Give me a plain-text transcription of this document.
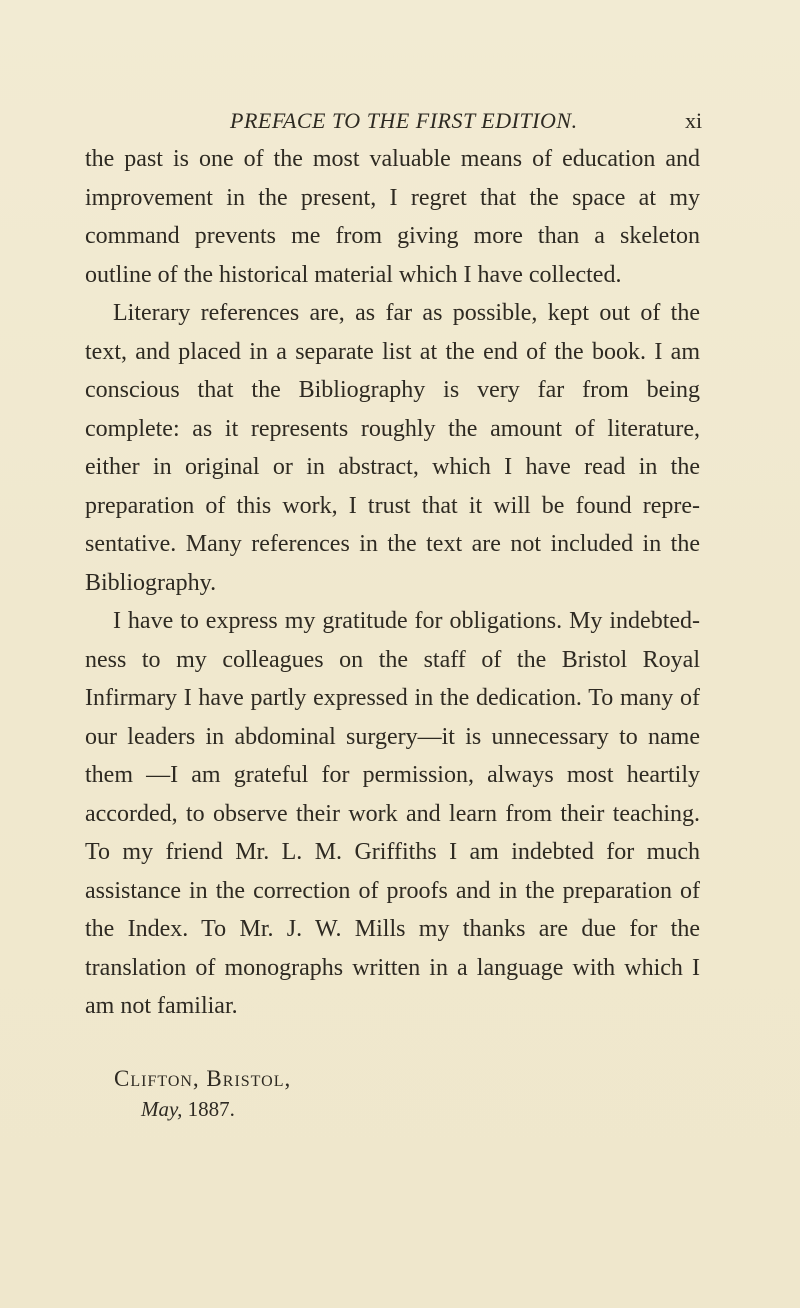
PREFACE TO THE FIRST EDITION.	xi

the past is one of the most valuable means of education and improvement in the present, I regret that the space at my command prevents me from giving more than a skeleton outline of the historical material which I have collected.

Literary references are, as far as possible, kept out of the text, and placed in a separate list at the end of the book. I am conscious that the Bibliography is very far from being complete: as it represents roughly the amount of literature, either in original or in abstract, which I have read in the preparation of this work, I trust that it will be found repre-sentative. Many references in the text are not included in the Bibliography.

I have to express my gratitude for obligations. My indebted-ness to my colleagues on the staff of the Bristol Royal Infirmary I have partly expressed in the dedication. To many of our leaders in abdominal surgery—it is unnecessary to name them —I am grateful for permission, always most heartily accorded, to observe their work and learn from their teaching. To my friend Mr. L. M. Griffiths I am indebted for much assistance in the correction of proofs and in the preparation of the Index. To Mr. J. W. Mills my thanks are due for the translation of monographs written in a language with which I am not familiar.

Clifton, Bristol,
May, 1887.
